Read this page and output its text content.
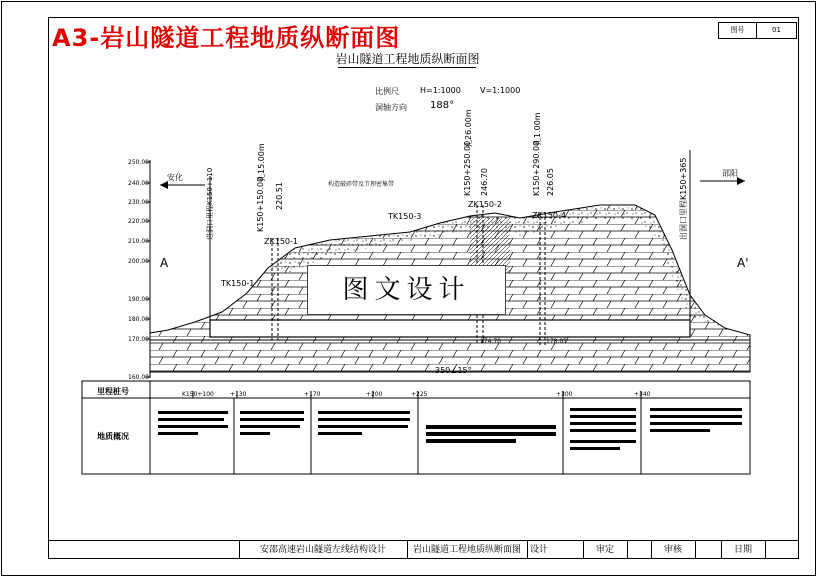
A3-岩山隧道工程地质纵断面图	图号	01
岩山隧道工程地质纵断面图
比例尺	H=1:1000 V=1:1000
洞轴方向 188°
250.00
240.00
230.00
220.00
210.00
200.00
190.00
180.00
170.00
160.00
安化	邵阳
进洞口里程K150+110	出洞口里程K150+365
A	A'
K150+150.00
孔15.00m
220.51
ZK150-1
K150+250.00
孔26.00m
246.70
ZK150-2
K150+290.00
孔1.00m
226.05
ZK150-4
TK150-1
TK150-3
构造破碎带及节理密集带
350∠15°
174.70	178.05
图文设计
里程桩号
地质概况
K150+100	+130	+170	+200	+225	+300	+340
安邵高速岩山隧道左线结构设计	岩山隧道工程地质纵断面图 设计	审定	审核	日期
